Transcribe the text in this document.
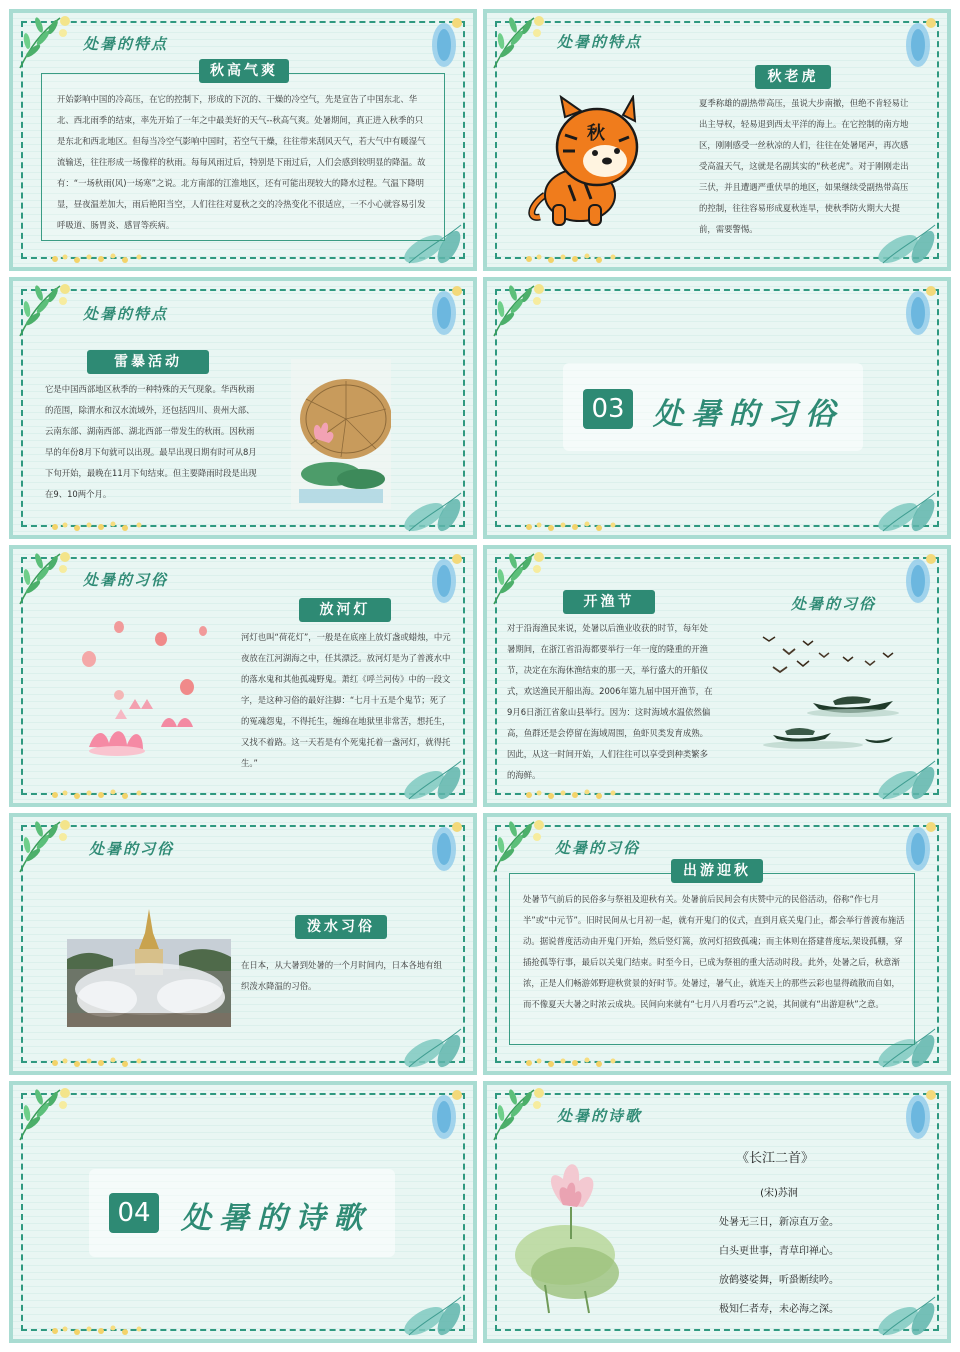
处暑的特点
秋高气爽
开始影响中国的冷高压，在它的控制下，形成的下沉的、干燥的冷空气，先是宣告了中国东北、华北、西北雨季的结束，率先开始了一年之中最美好的天气--秋高气爽。处暑期间，真正进入秋季的只是东北和西北地区。但每当冷空气影响中国时，若空气干燥，往往带来刮风天气，若大气中有暖湿气流输送，往往形成一场像样的秋雨。每每风雨过后，特别是下雨过后，人们会感到较明显的降温。故有：“一场秋雨(风)一场寒”之说。北方南部的江淮地区，还有可能出现较大的降水过程。气温下降明显，昼夜温差加大，雨后艳阳当空，人们往往对夏秋之交的冷热变化不很适应，一不小心就容易引发呼吸道、肠胃炎、感冒等疾病。
处暑的特点
秋老虎
秋
夏季称雄的副热带高压，虽说大步南撤，但绝不肯轻易让出主导权，轻易退到西太平洋的海上。在它控制的南方地区，刚刚感受一丝秋凉的人们，往往在处暑尾声，再次感受高温天气，这就是名副其实的“秋老虎”。对于刚刚走出三伏，并且遭遇严重伏旱的地区，如果继续受副热带高压的控制，往往容易形成夏秋连旱，使秋季防火期大大提前，需要警惕。
处暑的特点
雷暴活动
它是中国西部地区秋季的一种特殊的天气现象。华西秋雨的范围，除渭水和汉水流域外，还包括四川、贵州大部、云南东部、湖南西部、湖北西部一带发生的秋雨。因秋雨早的年份8月下旬就可以出现。最早出现日期有时可从8月下旬开始，最晚在11月下旬结束。但主要降雨时段是出现在9、10两个月。
03 处暑的习俗
处暑的习俗
放河灯
河灯也叫“荷花灯”，一般是在底座上放灯盏或蜡烛，中元夜放在江河湖海之中，任其漂泛。放河灯是为了普渡水中的落水鬼和其他孤魂野鬼。萧红《呼兰河传》中的一段文字，是这种习俗的最好注脚：“七月十五是个鬼节；死了的冤魂怨鬼，不得托生，缠绵在地狱里非常苦，想托生，又找不着路。这一天若是有个死鬼托着一盏河灯，就得托生。”
开渔节	处暑的习俗
对于沿海渔民来说，处暑以后渔业收获的时节，每年处暑期间，在浙江省沿海都要举行一年一度的隆重的开渔节，决定在东海休渔结束的那一天，举行盛大的开船仪式，欢送渔民开船出海。2006年第九届中国开渔节，在9月6日浙江省象山县举行。因为：这时海域水温依然偏高，鱼群还是会停留在海域周围，鱼虾贝类发育成熟。因此，从这一时间开始，人们往往可以享受到种类繁多的海鲜。
处暑的习俗
泼水习俗
在日本，从大暑到处暑的一个月时间内，日本各地有组织泼水降温的习俗。
处暑的习俗
出游迎秋
处暑节气前后的民俗多与祭祖及迎秋有关。处暑前后民间会有庆赞中元的民俗活动，俗称“作七月半”或“中元节”。旧时民间从七月初一起，就有开鬼门的仪式，直到月底关鬼门止，都会举行普渡布施活动。据说普度活动由开鬼门开始，然后竖灯篙，放河灯招致孤魂；而主体则在搭建普度坛,架设孤棚，穿插抢孤等行事，最后以关鬼门结束。时至今日，已成为祭祖的重大活动时段。此外，处暑之后，秋意渐浓，正是人们畅游郊野迎秋赏景的好时节。处暑过，暑气止，就连天上的那些云彩也显得疏散而自如，而不像夏天大暑之时浓云成块。民间向来就有“七月八月看巧云”之说，其间就有“出游迎秋”之意。
04 处暑的诗歌
处暑的诗歌
《长江二首》
(宋)苏泂
处暑无三日，新凉直万金。
白头更世事，青草印禅心。
放鹤婆娑舞，听蛩断续吟。
极知仁者寿，未必海之深。
